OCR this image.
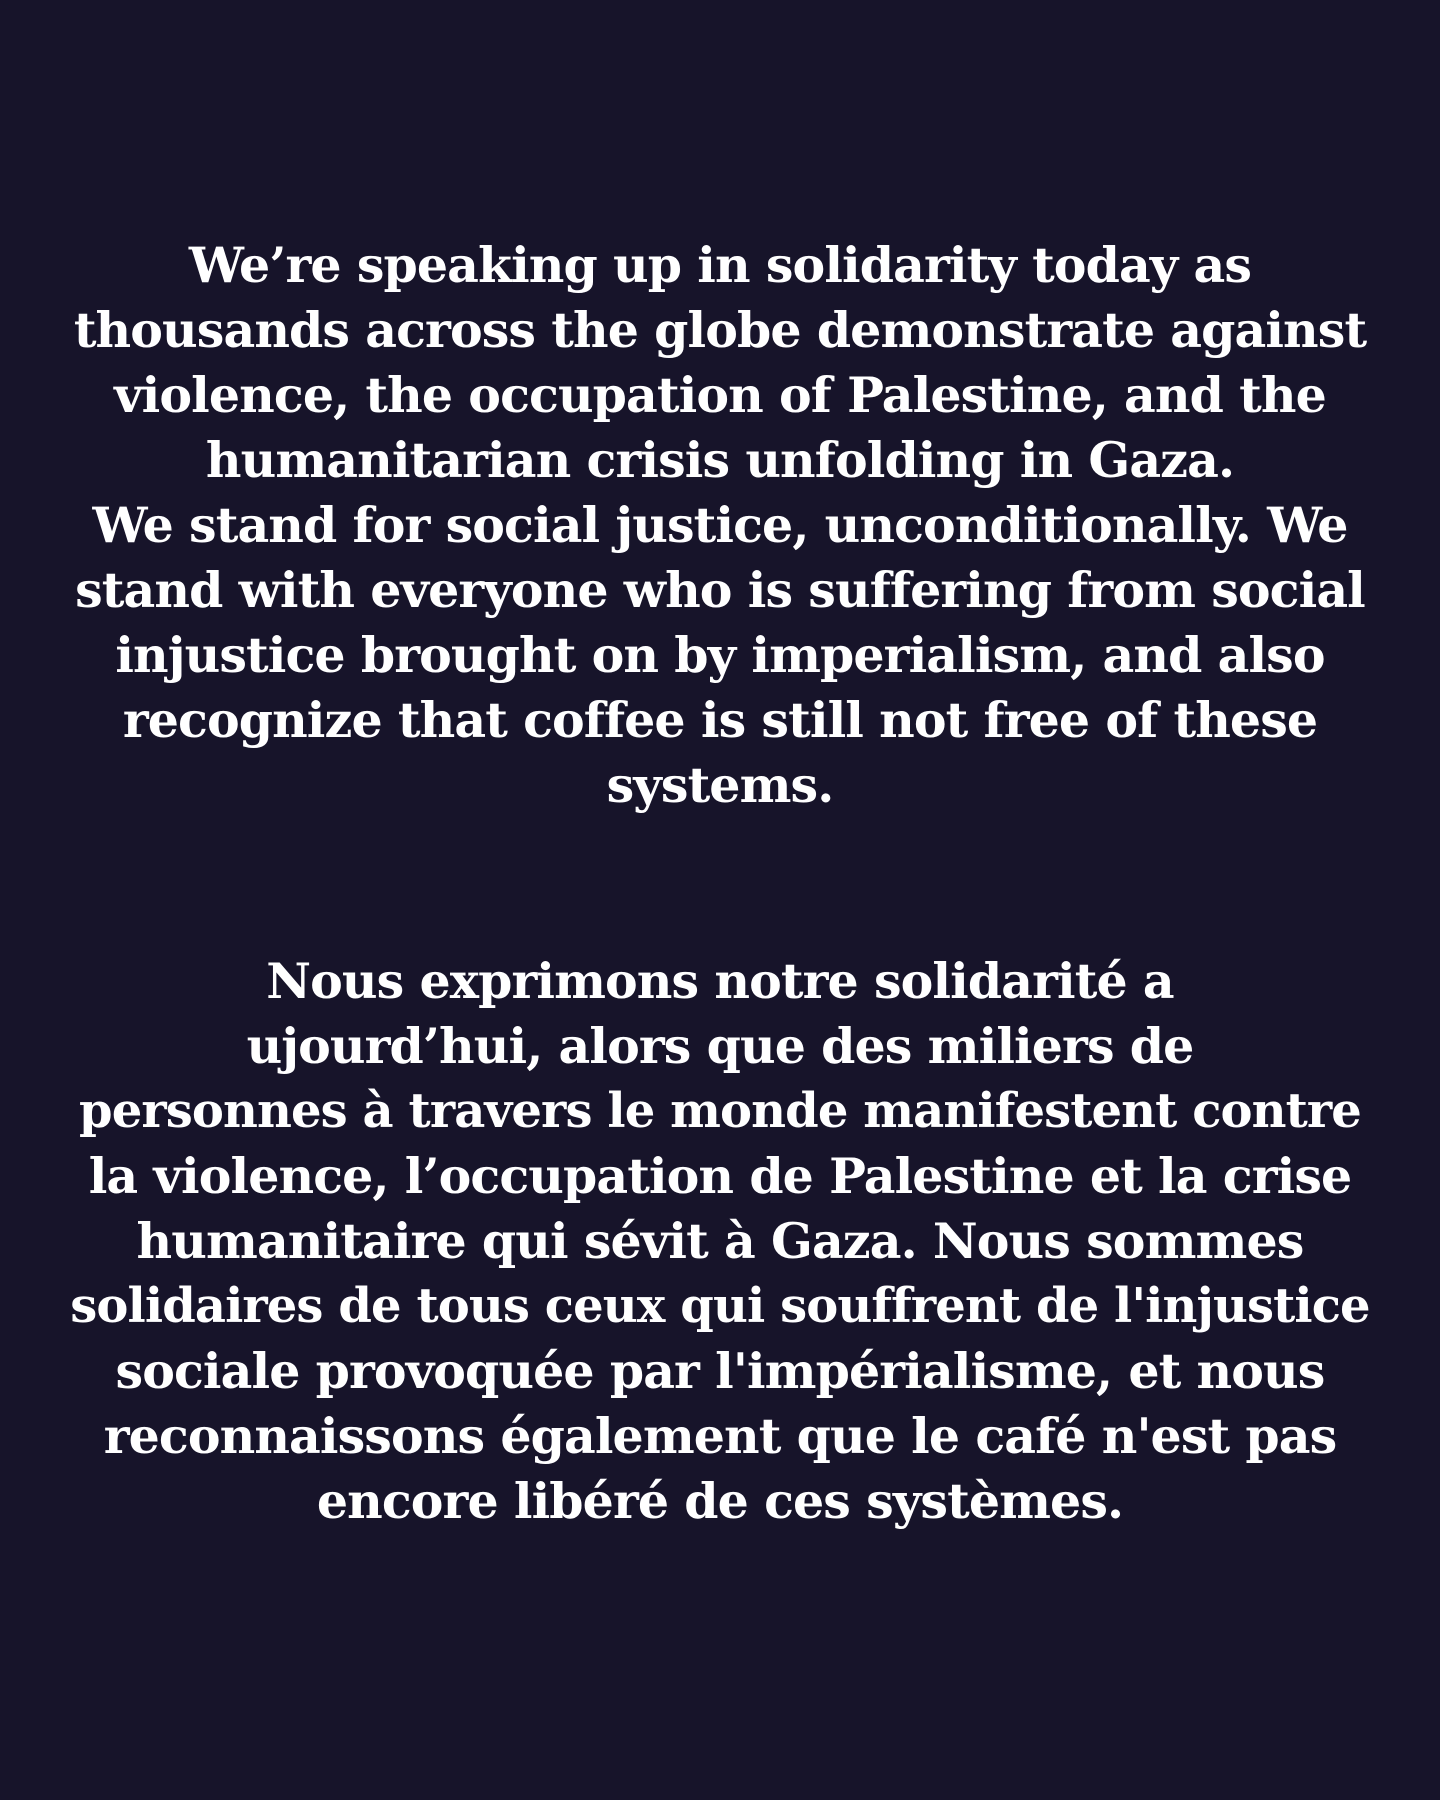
We’re speaking up in solidarity today as
thousands across the globe demonstrate against
violence, the occupation of Palestine, and the
humanitarian crisis unfolding in Gaza.
We stand for social justice, unconditionally. We
stand with everyone who is suffering from social
injustice brought on by imperialism, and also
recognize that coffee is still not free of these
systems.
Nous exprimons notre solidarité a
ujourd’hui, alors que des miliers de
personnes à travers le monde manifestent contre
la violence, l’occupation de Palestine et la crise
humanitaire qui sévit à Gaza. Nous sommes
solidaires de tous ceux qui souffrent de l'injustice
sociale provoquée par l'impérialisme, et nous
reconnaissons également que le café n'est pas
encore libéré de ces systèmes.
